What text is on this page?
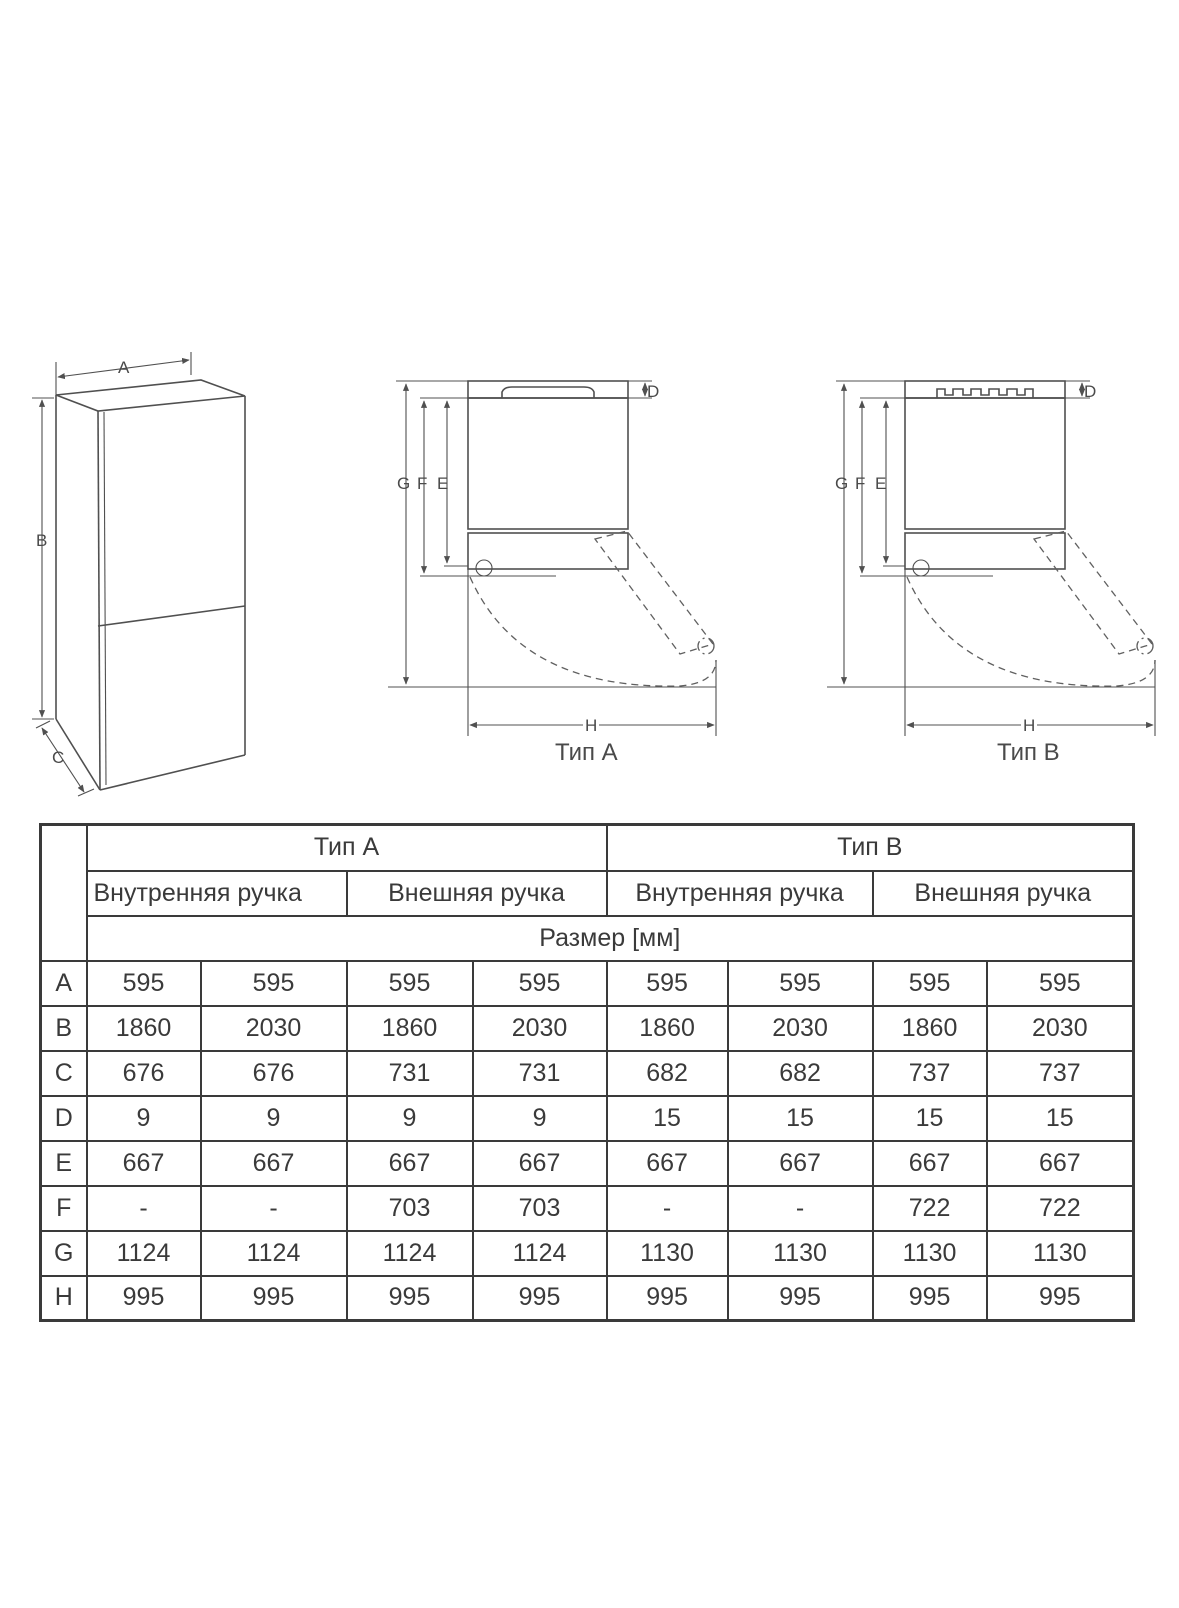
A
B
C
G F E
D
H
Тип A
G F E
D
H
Тип B
	Тип A				Тип B			
	Внутренняя ручка		Внешняя ручка		Внутренняя ручка		Внешняя ручка	
	Размер [мм]							
A	595	595	595	595	595	595	595	595
B	1860	2030	1860	2030	1860	2030	1860	2030
C	676	676	731	731	682	682	737	737
D	9	9	9	9	15	15	15	15
E	667	667	667	667	667	667	667	667
F	-	-	703	703	-	-	722	722
G	1124	1124	1124	1124	1130	1130	1130	1130
H	995	995	995	995	995	995	995	995
